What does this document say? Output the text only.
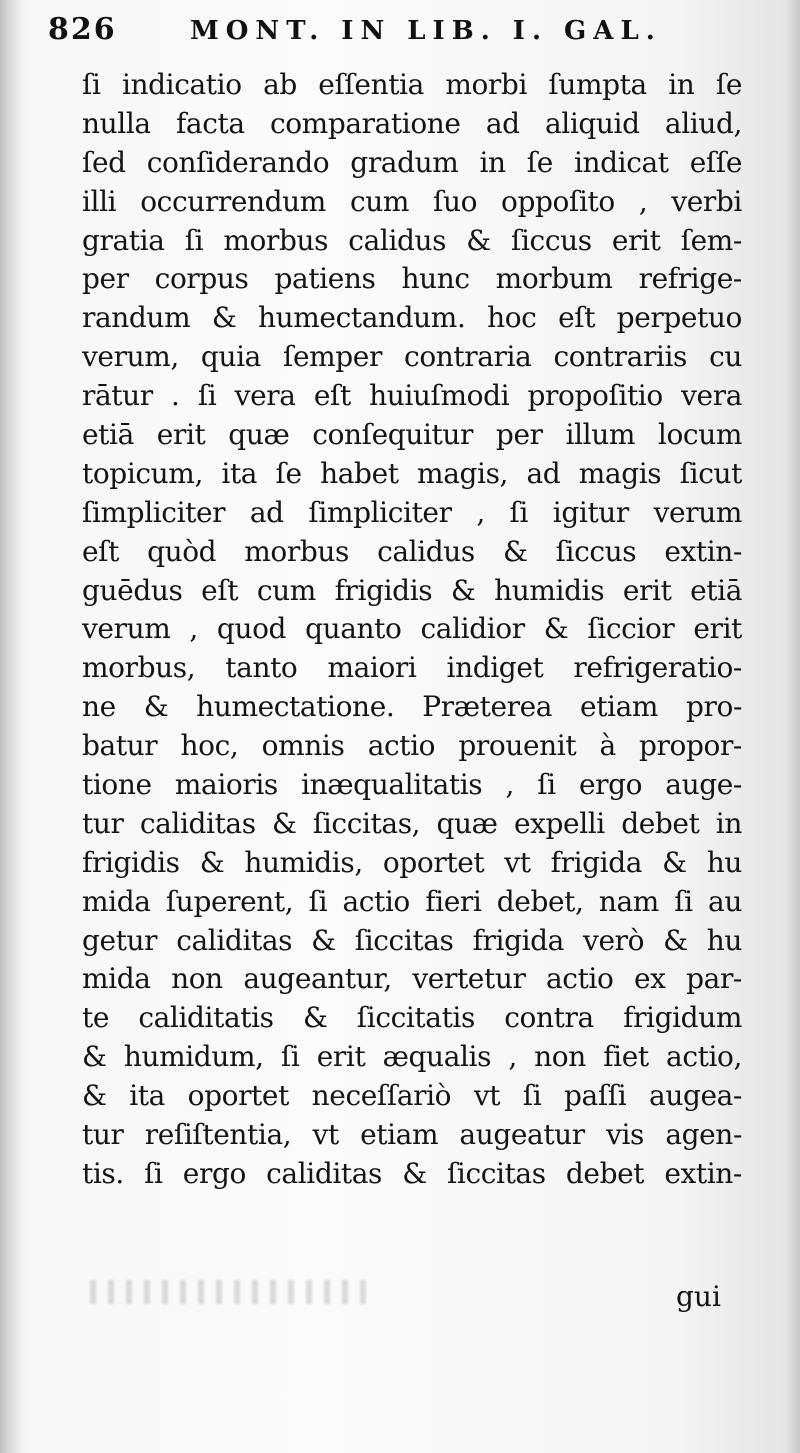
826	MONT. IN LIB. I. GAL.
ſi indicatio ab eſſentia morbi ſumpta in ſe
nulla facta comparatione ad aliquid aliud,
ſed conſiderando gradum in ſe indicat eſſe
illi occurrendum cum ſuo oppoſito , verbi
gratia ſi morbus calidus & ſiccus erit ſem-
per corpus patiens hunc morbum refrige-
randum & humectandum. hoc eſt perpetuo
verum, quia ſemper contraria contrariis cu
rātur . ſi vera eſt huiuſmodi propoſitio vera
etiā erit quæ conſequitur per illum locum
topicum, ita ſe habet magis, ad magis ſicut
ſimpliciter ad ſimpliciter , ſi igitur verum
eſt quòd morbus calidus & ſiccus extin-
guēdus eſt cum frigidis & humidis erit etiā
verum , quod quanto calidior & ſiccior erit
morbus, tanto maiori indiget refrigeratio-
ne & humectatione. Præterea etiam pro-
batur hoc, omnis actio prouenit à propor-
tione maioris inæqualitatis , ſi ergo auge-
tur caliditas & ſiccitas, quæ expelli debet in
frigidis & humidis, oportet vt frigida & hu
mida ſuperent, ſi actio fieri debet, nam ſi au
getur caliditas & ſiccitas frigida verò & hu
mida non augeantur, vertetur actio ex par-
te caliditatis & ſiccitatis contra frigidum
& humidum, ſi erit æqualis , non fiet actio,
& ita oportet neceſſariò vt ſi paſſi augea-
tur reſiſtentia, vt etiam augeatur vis agen-
tis. ſi ergo caliditas & ſiccitas debet extin-
gui
